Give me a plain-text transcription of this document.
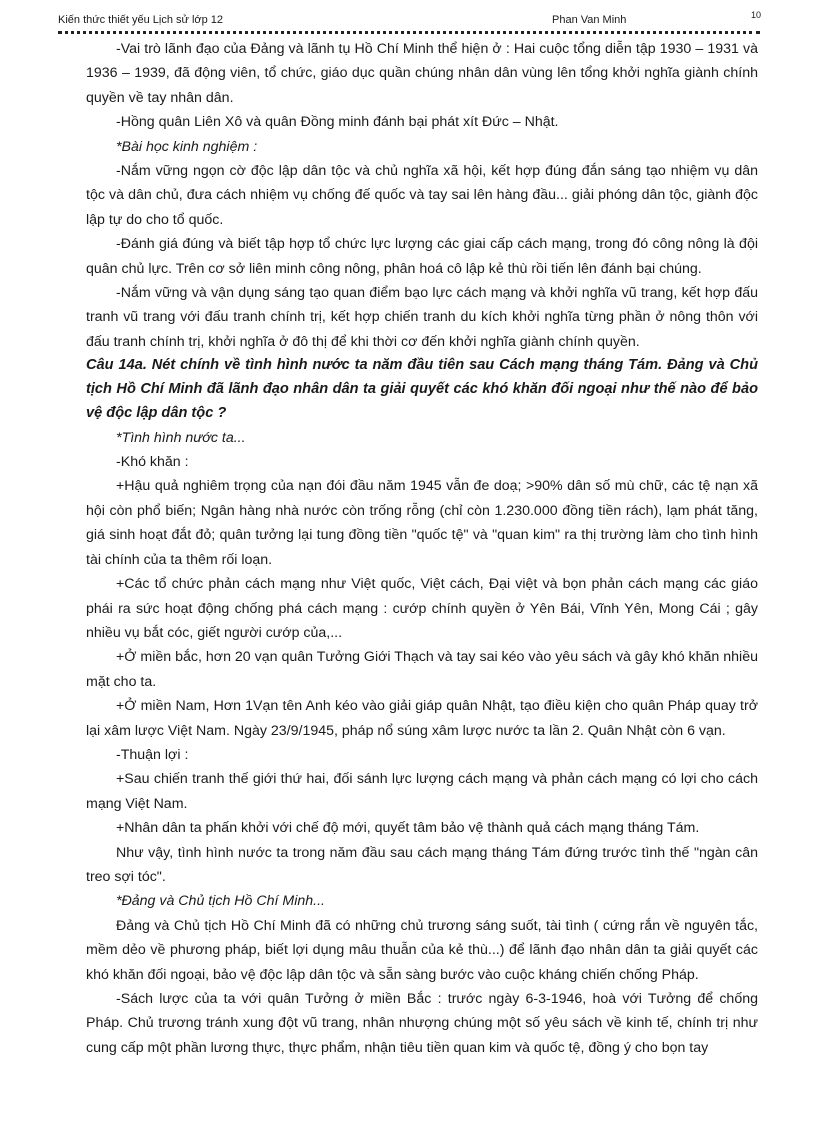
Kiến thức thiết yếu Lịch sử lớp 12	Phan Van Minh	10

-Vai trò lãnh đạo của Đảng và lãnh tụ Hồ Chí Minh thể hiện ở : Hai cuộc tổng diễn tập 1930 – 1931 và 1936 – 1939, đã động viên, tổ chức, giáo dục quần chúng nhân dân vùng lên tổng khởi nghĩa giành chính quyền về tay nhân dân.

-Hồng quân Liên Xô và quân Đồng minh đánh bại phát xít Đức – Nhật.

*Bài học kinh nghiệm :

-Nắm vững ngọn cờ độc lập dân tộc và chủ nghĩa xã hội, kết hợp đúng đắn sáng tạo nhiệm vụ dân tộc và dân chủ, đưa cách nhiệm vụ chống đế quốc và tay sai lên hàng đầu... giải phóng dân tộc, giành độc lập tự do cho tổ quốc.

-Đánh giá đúng và biết tập hợp tổ chức lực lượng các giai cấp cách mạng, trong đó công nông là đội quân chủ lực. Trên cơ sở liên minh công nông, phân hoá cô lập kẻ thù rồi tiến lên đánh bại chúng.

-Nắm vững và vận dụng sáng tạo quan điểm bạo lực cách mạng và khởi nghĩa vũ trang, kết hợp đấu tranh vũ trang với đấu tranh chính trị, kết hợp chiến tranh du kích khởi nghĩa từng phần ở nông thôn với đấu tranh chính trị, khởi nghĩa ở đô thị để khi thời cơ đến khởi nghĩa giành chính quyền.

Câu 14a. Nét chính về tình hình nước ta năm đầu tiên sau Cách mạng tháng Tám. Đảng và Chủ tịch Hồ Chí Minh đã lãnh đạo nhân dân ta giải quyết các khó khăn đối ngoại như thế nào để bảo vệ độc lập dân tộc ?

*Tình hình nước ta...

-Khó khăn :

+Hậu quả nghiêm trọng của nạn đói đầu năm 1945 vẫn đe doạ; >90% dân số mù chữ, các tệ nạn xã hội còn phổ biến; Ngân hàng nhà nước còn trống rỗng (chỉ còn 1.230.000 đồng tiền rách), lạm phát tăng, giá sinh hoạt đắt đỏ; quân tưởng lại tung đồng tiền "quốc tệ" và "quan kim" ra thị trường làm cho tình hình tài chính của ta thêm rối loạn.

+Các tổ chức phản cách mạng như Việt quốc, Việt cách, Đại việt và bọn phản cách mạng các giáo phái ra sức hoạt động chống phá cách mạng : cướp chính quyền ở Yên Bái, Vĩnh Yên, Mong Cái ; gây nhiều vụ bắt cóc, giết người cướp của,...

+Ở miền bắc, hơn 20 vạn quân Tưởng Giới Thạch và tay sai kéo vào yêu sách và gây khó khăn nhiều mặt cho ta.

+Ở miền Nam, Hơn 1Vạn tên Anh kéo vào giải giáp quân Nhật, tạo điều kiện cho quân Pháp quay trở lại xâm lược Việt Nam. Ngày 23/9/1945, pháp nổ súng xâm lược nước ta lần 2. Quân Nhật còn 6 vạn.

-Thuận lợi :

+Sau chiến tranh thế giới thứ hai, đối sánh lực lượng cách mạng và phản cách mạng có lợi cho cách mạng Việt Nam.

+Nhân dân ta phấn khởi với chế độ mới, quyết tâm bảo vệ thành quả cách mạng tháng Tám.

Như vậy, tình hình nước ta trong năm đầu sau cách mạng tháng Tám đứng trước tình thế "ngàn cân treo sợi tóc".

*Đảng và Chủ tịch Hồ Chí Minh...

Đảng và Chủ tịch Hồ Chí Minh đã có những chủ trương sáng suốt, tài tình ( cứng rắn về nguyên tắc, mềm dẻo về phương pháp, biết lợi dụng mâu thuẫn của kẻ thù...) để lãnh đạo nhân dân ta giải quyết các khó khăn đối ngoại, bảo vệ độc lập dân tộc và sẵn sàng bước vào cuộc kháng chiến chống Pháp.

-Sách lược của ta với quân Tưởng ở miền Bắc : trước ngày 6-3-1946, hoà với Tưởng để chống Pháp. Chủ trương tránh xung đột vũ trang, nhân nhượng chúng một số yêu sách về kinh tế, chính trị như cung cấp một phần lương thực, thực phẩm, nhận tiêu tiền quan kim và quốc tệ, đồng ý cho bọn tay
